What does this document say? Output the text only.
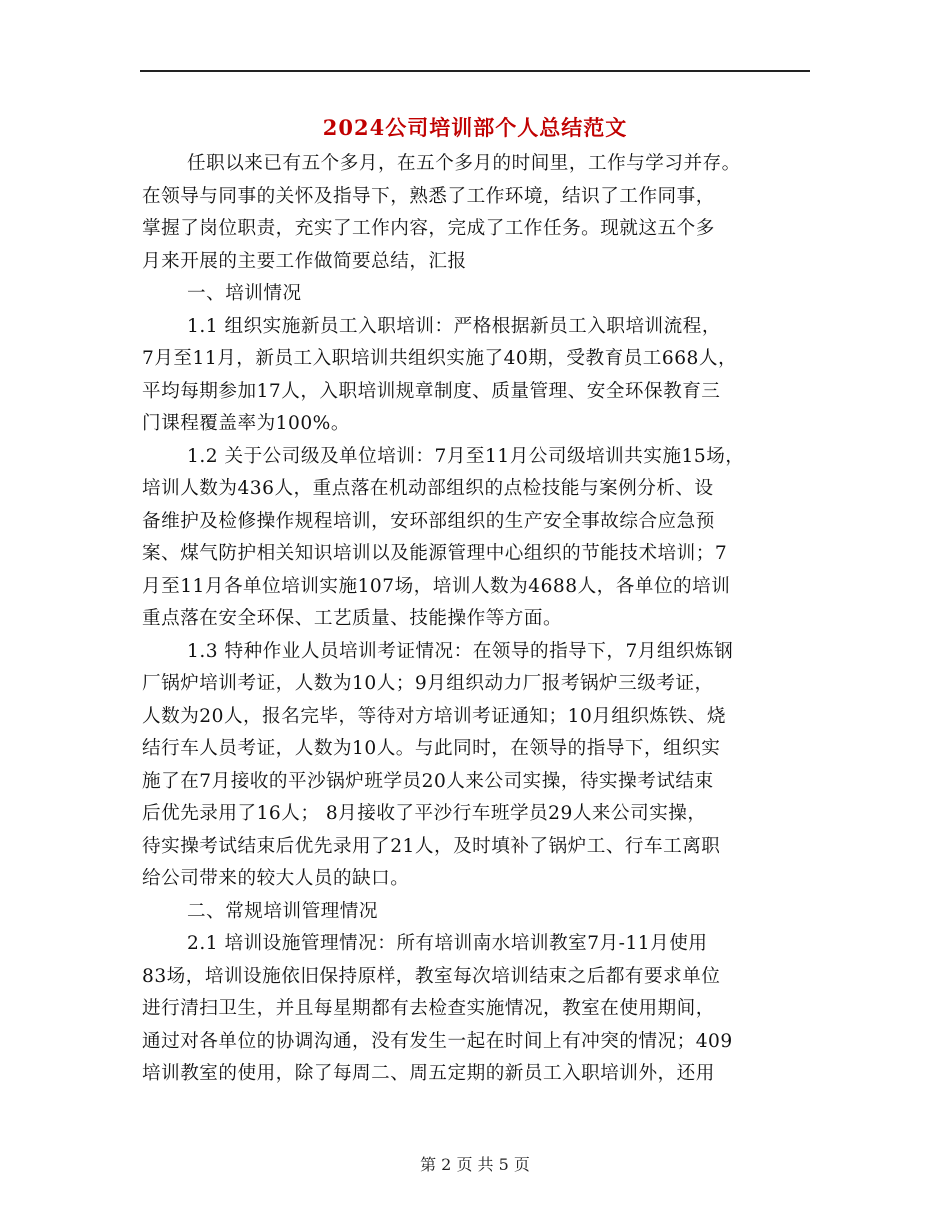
2024公司培训部个人总结范文
任职以来已有五个多月，在五个多月的时间里，工作与学习并存。
在领导与同事的关怀及指导下，熟悉了工作环境，结识了工作同事，
掌握了岗位职责，充实了工作内容，完成了工作任务。现就这五个多
月来开展的主要工作做简要总结，汇报
一、培训情况
1.1 组织实施新员工入职培训：严格根据新员工入职培训流程，
7月至11月，新员工入职培训共组织实施了40期，受教育员工668人，
平均每期参加17人，入职培训规章制度、质量管理、安全环保教育三
门课程覆盖率为100%。
1.2 关于公司级及单位培训：7月至11月公司级培训共实施15场，
培训人数为436人，重点落在机动部组织的点检技能与案例分析、设
备维护及检修操作规程培训，安环部组织的生产安全事故综合应急预
案、煤气防护相关知识培训以及能源管理中心组织的节能技术培训；7
月至11月各单位培训实施107场，培训人数为4688人，各单位的培训
重点落在安全环保、工艺质量、技能操作等方面。
1.3 特种作业人员培训考证情况：在领导的指导下，7月组织炼钢
厂锅炉培训考证，人数为10人；9月组织动力厂报考锅炉三级考证，
人数为20人，报名完毕，等待对方培训考证通知；10月组织炼铁、烧
结行车人员考证，人数为10人。与此同时，在领导的指导下，组织实
施了在7月接收的平沙锅炉班学员20人来公司实操，待实操考试结束
后优先录用了16人； 8月接收了平沙行车班学员29人来公司实操，
待实操考试结束后优先录用了21人，及时填补了锅炉工、行车工离职
给公司带来的较大人员的缺口。
二、常规培训管理情况
2.1 培训设施管理情况：所有培训南水培训教室7月-11月使用
83场，培训设施依旧保持原样，教室每次培训结束之后都有要求单位
进行清扫卫生，并且每星期都有去检查实施情况，教室在使用期间，
通过对各单位的协调沟通，没有发生一起在时间上有冲突的情况；409
培训教室的使用，除了每周二、周五定期的新员工入职培训外，还用
第 2 页 共 5 页
